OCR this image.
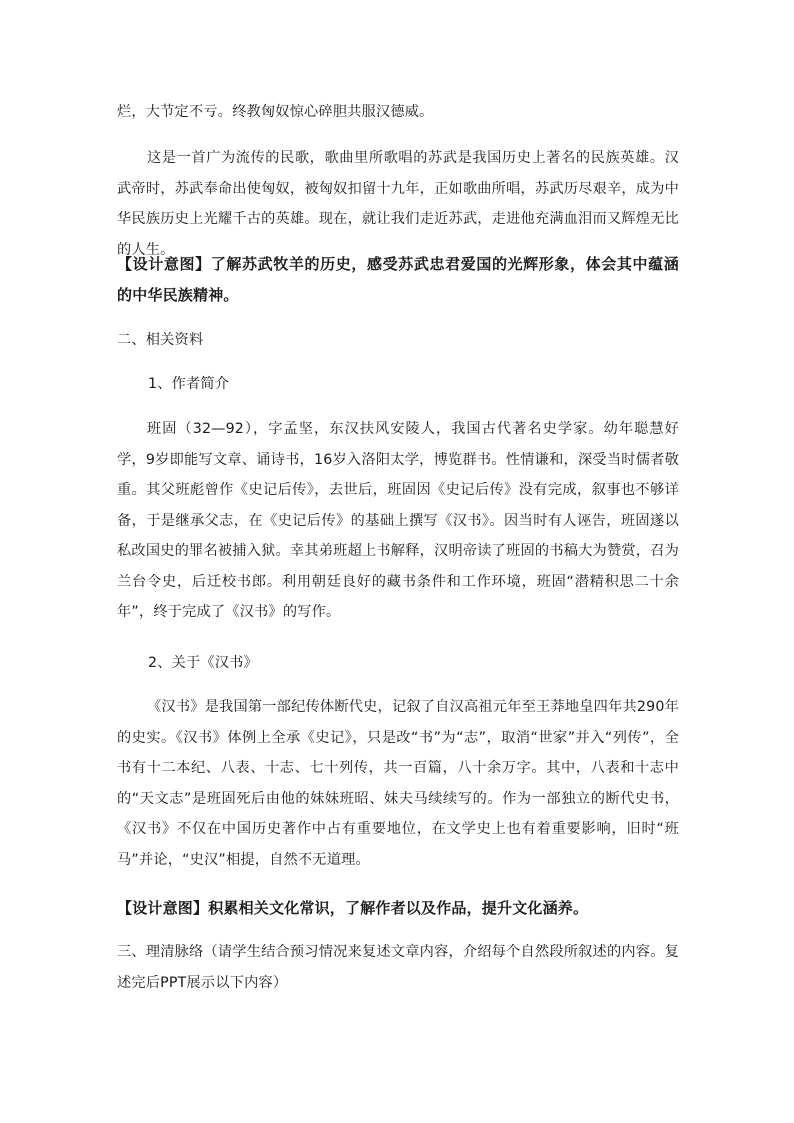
烂，大节定不亏。终教匈奴惊心碎胆共服汉德威。

这是一首广为流传的民歌，歌曲里所歌唱的苏武是我国历史上著名的民族英雄。汉武帝时，苏武奉命出使匈奴，被匈奴扣留十九年，正如歌曲所唱，苏武历尽艰辛，成为中华民族历史上光耀千古的英雄。现在，就让我们走近苏武，走进他充满血泪而又辉煌无比的人生。

【设计意图】了解苏武牧羊的历史，感受苏武忠君爱国的光辉形象，体会其中蕴涵的中华民族精神。

二、相关资料

1、作者简介

班固（32—92），字孟坚，东汉扶风安陵人，我国古代著名史学家。幼年聪慧好学，9岁即能写文章、诵诗书，16岁入洛阳太学，博览群书。性情谦和，深受当时儒者敬重。其父班彪曾作《史记后传》，去世后，班固因《史记后传》没有完成，叙事也不够详备，于是继承父志，在《史记后传》的基础上撰写《汉书》。因当时有人诬告，班固遂以私改国史的罪名被捕入狱。幸其弟班超上书解释，汉明帝读了班固的书稿大为赞赏，召为兰台令史，后迁校书郎。利用朝廷良好的藏书条件和工作环境，班固“潜精积思二十余年”，终于完成了《汉书》的写作。

2、关于《汉书》

《汉书》是我国第一部纪传体断代史，记叙了自汉高祖元年至王莽地皇四年共290年的史实。《汉书》体例上全承《史记》，只是改“书”为“志”，取消“世家”并入“列传”，全书有十二本纪、八表、十志、七十列传，共一百篇，八十余万字。其中，八表和十志中的“天文志”是班固死后由他的妹妹班昭、妹夫马续续写的。作为一部独立的断代史书，《汉书》不仅在中国历史著作中占有重要地位，在文学史上也有着重要影响，旧时“班马”并论，“史汉”相提，自然不无道理。

【设计意图】积累相关文化常识，了解作者以及作品，提升文化涵养。

三、理清脉络（请学生结合预习情况来复述文章内容，介绍每个自然段所叙述的内容。复述完后PPT展示以下内容）
